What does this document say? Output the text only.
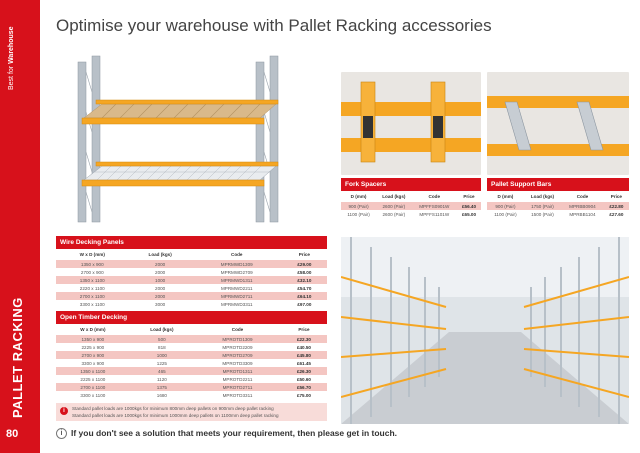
Best for Warehouse
PALLET RACKING
80
Optimise your warehouse with Pallet Racking accessories
Wire Decking Panels
W x D (mm)	Load (kgs)	Code	Price
1350 x 900	2000	MPRMWD1309	£29.00
2700 x 900	2000	MPRMWD2709	£58.00
1350 x 1100	1000	MPRMWD1311	£32.10
2220 x 1100	2000	MPRMWD2211	£54.70
2700 x 1100	2000	MPRMWD2711	£64.10
3300 x 1100	3000	MPRMWD3311	£97.00
Open Timber Decking
W x D (mm)	Load (kgs)	Code	Price
1350 x 900	500	MPROTD1309	£22.30
2225 x 900	818	MPROTD2209	£40.50
2700 x 900	1000	MPROTD2709	£45.80
3300 x 900	1225	MPROTD3309	£61.45
1350 x 1100	465	MPROTD1311	£26.30
2225 x 1100	1120	MPROTD2211	£50.60
2700 x 1100	1375	MPROTD2711	£56.70
3300 x 1100	1680	MPROTD3311	£75.00
Fork Spacers
D (mm)	Load (kgs)	Code	Price
900 (Pair)	2600 (Pair)	MPFFS0901W	£56.40
1100 (Pair)	2600 (Pair)	MPFFS1101W	£65.00
Pallet Support Bars
D (mm)	Load (kgs)	Code	Price
900 (Pair)	1750 (Pair)	MPRBB0904	£22.80
1100 (Pair)	1500 (Pair)	MPRBB1104	£27.60
i	Standard pallet loads are 1000kgs for minimum 800mm deep pallets on 900mm deep pallet racking
Standard pallet loads are 1000kgs for minimum 1000mm deep pallets on 1100mm deep pallet racking
i If you don't see a solution that meets your requirement, then please get in touch.
